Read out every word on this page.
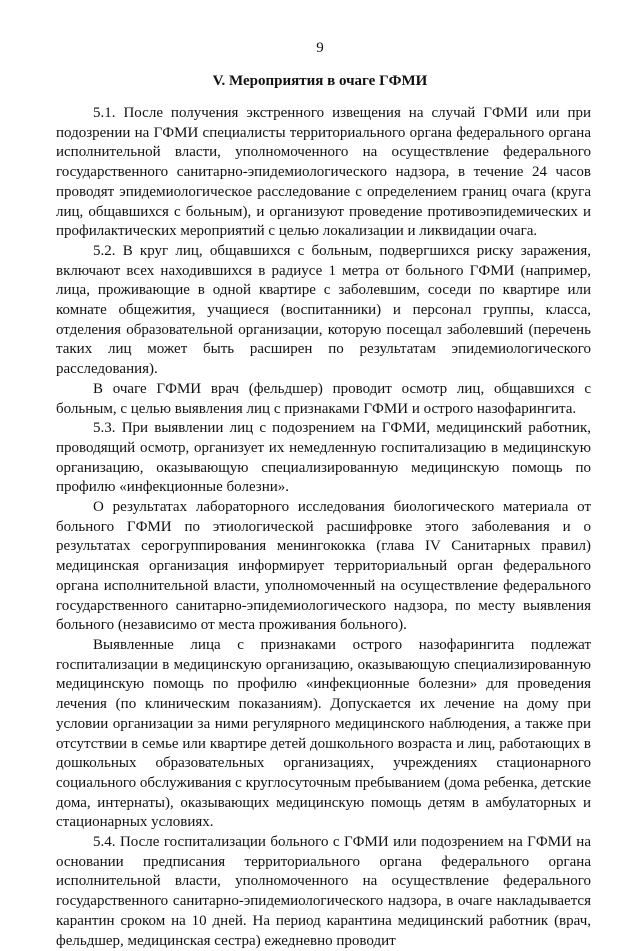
9

V. Мероприятия в очаге ГФМИ

5.1. После получения экстренного извещения на случай ГФМИ или при подозрении на ГФМИ специалисты территориального органа федерального органа исполнительной власти, уполномоченного на осуществление федерального государственного санитарно-эпидемиологического надзора, в течение 24 часов проводят эпидемиологическое расследование с определением границ очага (круга лиц, общавшихся с больным), и организуют проведение противоэпидемических и профилактических мероприятий с целью локализации и ликвидации очага.

5.2. В круг лиц, общавшихся с больным, подвергшихся риску заражения, включают всех находившихся в радиусе 1 метра от больного ГФМИ (например, лица, проживающие в одной квартире с заболевшим, соседи по квартире или комнате общежития, учащиеся (воспитанники) и персонал группы, класса, отделения образовательной организации, которую посещал заболевший (перечень таких лиц может быть расширен по результатам эпидемиологического расследования).

В очаге ГФМИ врач (фельдшер) проводит осмотр лиц, общавшихся с больным, с целью выявления лиц с признаками ГФМИ и острого назофарингита.

5.3. При выявлении лиц с подозрением на ГФМИ, медицинский работник, проводящий осмотр, организует их немедленную госпитализацию в медицинскую организацию, оказывающую специализированную медицинскую помощь по профилю «инфекционные болезни».

О результатах лабораторного исследования биологического материала от больного ГФМИ по этиологической расшифровке этого заболевания и о результатах серогруппирования менингококка (глава IV Санитарных правил) медицинская организация информирует территориальный орган федерального органа исполнительной власти, уполномоченный на осуществление федерального государственного санитарно-эпидемиологического надзора, по месту выявления больного (независимо от места проживания больного).

Выявленные лица с признаками острого назофарингита подлежат госпитализации в медицинскую организацию, оказывающую специализированную медицинскую помощь по профилю «инфекционные болезни» для проведения лечения (по клиническим показаниям). Допускается их лечение на дому при условии организации за ними регулярного медицинского наблюдения, а также при отсутствии в семье или квартире детей дошкольного возраста и лиц, работающих в дошкольных образовательных организациях, учреждениях стационарного социального обслуживания с круглосуточным пребыванием (дома ребенка, детские дома, интернаты), оказывающих медицинскую помощь детям в амбулаторных и стационарных условиях.

5.4. После госпитализации больного с ГФМИ или подозрением на ГФМИ на основании предписания территориального органа федерального органа исполнительной власти, уполномоченного на осуществление федерального государственного санитарно-эпидемиологического надзора, в очаге накладывается карантин сроком на 10 дней. На период карантина медицинский работник (врач, фельдшер, медицинская сестра) ежедневно проводит
